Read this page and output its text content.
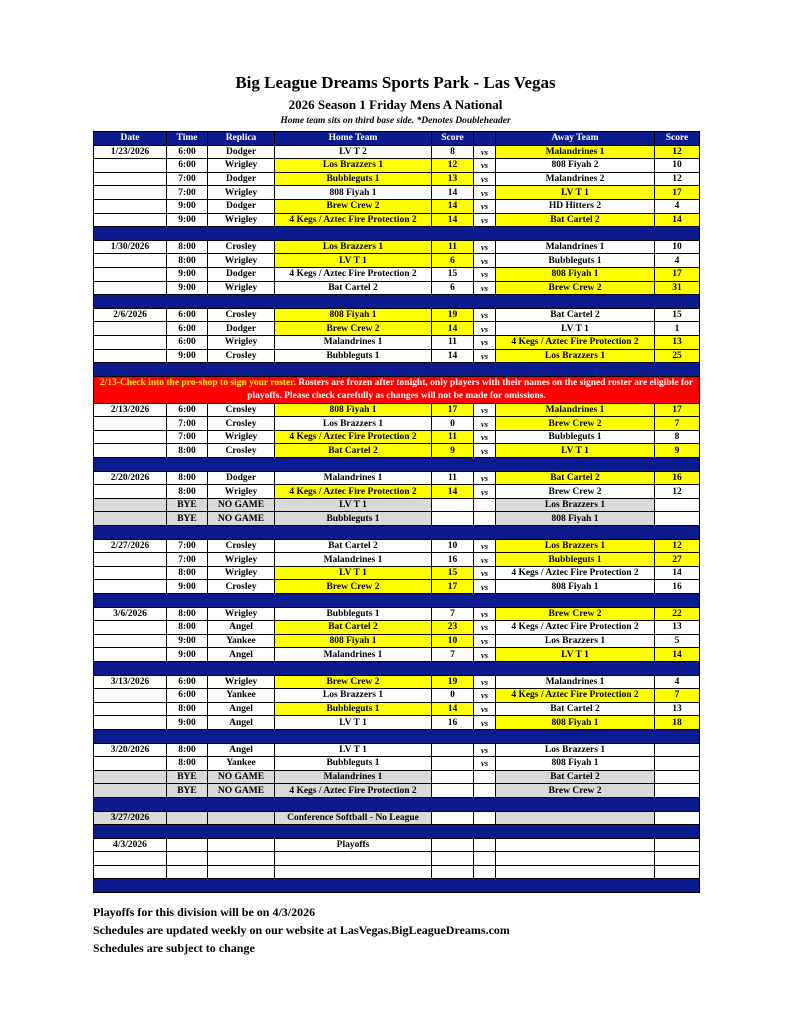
Big League Dreams Sports Park - Las Vegas
2026 Season 1 Friday Mens A National
Home team sits on third base side. *Denotes Doubleheader
Date	Time	Replica	Home Team	Score		Away Team	Score
1/23/2026	6:00	Dodger	LV T 2	8	vs	Malandrines 1	12
	6:00	Wrigley	Los Brazzers 1	12	vs	808 Fiyah 2	10
	7:00	Dodger	Bubbleguts 1	13	vs	Malandrines 2	12
	7:00	Wrigley	808 Fiyah 1	14	vs	LV T 1	17
	9:00	Dodger	Brew Crew 2	14	vs	HD Hitters 2	4
	9:00	Wrigley	4 Kegs / Aztec Fire Protection 2	14	vs	Bat Cartel 2	14

1/30/2026	8:00	Crosley	Los Brazzers 1	11	vs	Malandrines 1	10
	8:00	Wrigley	LV T 1	6	vs	Bubbleguts 1	4
	9:00	Dodger	4 Kegs / Aztec Fire Protection 2	15	vs	808 Fiyah 1	17
	9:00	Wrigley	Bat Cartel 2	6	vs	Brew Crew 2	31

2/6/2026	6:00	Crosley	808 Fiyah 1	19	vs	Bat Cartel 2	15
	6:00	Dodger	Brew Crew 2	14	vs	LV T 1	1
	6:00	Wrigley	Malandrines 1	11	vs	4 Kegs / Aztec Fire Protection 2	13
	9:00	Crosley	Bubbleguts 1	14	vs	Los Brazzers 1	25

2/13-Check into the pro-shop to sign your roster. Rosters are frozen after tonight, only players with their names on the signed roster are eligible for playoffs. Please check carefully as changes will not be made for omissions.							
2/13/2026	6:00	Crosley	808 Fiyah 1	17	vs	Malandrines 1	17
	7:00	Crosley	Los Brazzers 1	0	vs	Brew Crew 2	7
	7:00	Wrigley	4 Kegs / Aztec Fire Protection 2	11	vs	Bubbleguts 1	8
	8:00	Crosley	Bat Cartel 2	9	vs	LV T 1	9

2/20/2026	8:00	Dodger	Malandrines 1	11	vs	Bat Cartel 2	16
	8:00	Wrigley	4 Kegs / Aztec Fire Protection 2	14	vs	Brew Crew 2	12
	BYE	NO GAME	LV T 1			Los Brazzers 1	
	BYE	NO GAME	Bubbleguts 1			808 Fiyah 1	

2/27/2026	7:00	Crosley	Bat Cartel 2	10	vs	Los Brazzers 1	12
	7:00	Wrigley	Malandrines 1	16	vs	Bubbleguts 1	27
	8:00	Wrigley	LV T 1	15	vs	4 Kegs / Aztec Fire Protection 2	14
	9:00	Crosley	Brew Crew 2	17	vs	808 Fiyah 1	16

3/6/2026	8:00	Wrigley	Bubbleguts 1	7	vs	Brew Crew 2	22
	8:00	Angel	Bat Cartel 2	23	vs	4 Kegs / Aztec Fire Protection 2	13
	9:00	Yankee	808 Fiyah 1	10	vs	Los Brazzers 1	5
	9:00	Angel	Malandrines 1	7	vs	LV T 1	14

3/13/2026	6:00	Wrigley	Brew Crew 2	19	vs	Malandrines 1	4
	6:00	Yankee	Los Brazzers 1	0	vs	4 Kegs / Aztec Fire Protection 2	7
	8:00	Angel	Bubbleguts 1	14	vs	Bat Cartel 2	13
	9:00	Angel	LV T 1	16	vs	808 Fiyah 1	18

3/20/2026	8:00	Angel	LV T 1		vs	Los Brazzers 1	
	8:00	Yankee	Bubbleguts 1		vs	808 Fiyah 1	
	BYE	NO GAME	Malandrines 1			Bat Cartel 2	
	BYE	NO GAME	4 Kegs / Aztec Fire Protection 2			Brew Crew 2	

3/27/2026			Conference Softball - No League				

4/3/2026			Playoffs				

Playoffs for this division will be on 4/3/2026
Schedules are updated weekly on our website at LasVegas.BigLeagueDreams.com
Schedules are subject to change
